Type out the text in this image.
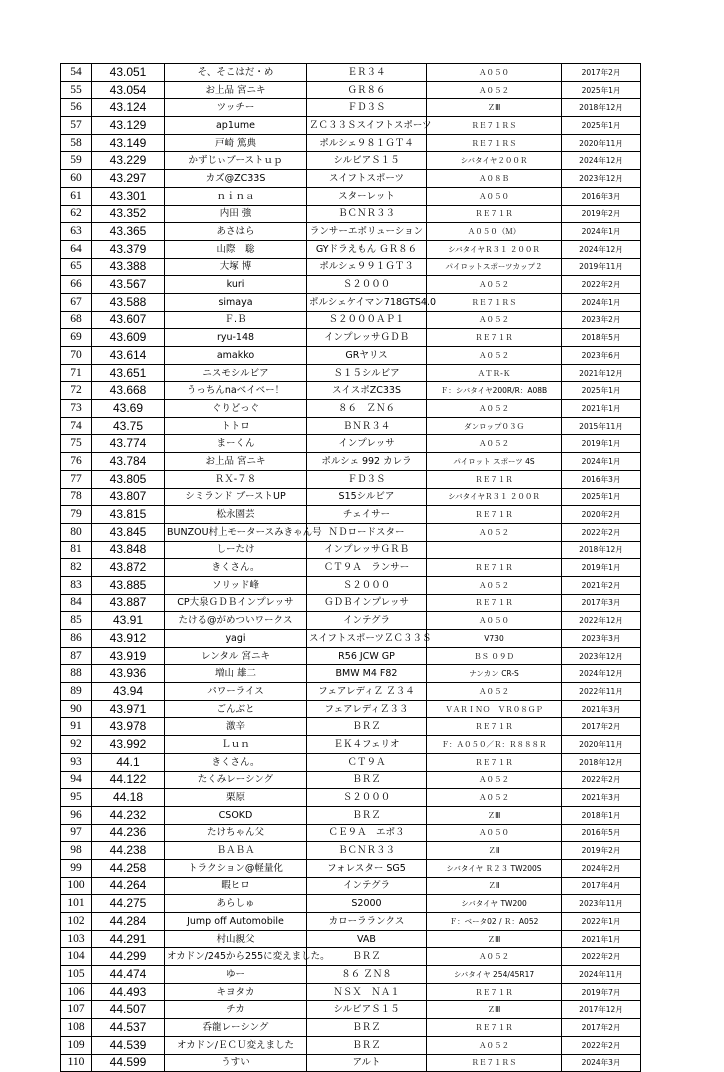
54	43.051	そ、そこはだ・め	ＥＲ３４	Ａ０５０	2017年2月
55	43.054	お上品 宮ニキ	ＧＲ８６	Ａ０５２	2025年1月
56	43.124	ツッチー	ＦＤ３Ｓ	ＺⅢ	2018年12月
57	43.129	ap1ume	ＺＣ３３Ｓスイフトスポーツ	ＲＥ７１ＲＳ	2025年1月
58	43.149	戸崎 篤典	ポルシェ９８１ＧＴ４	ＲＥ７１ＲＳ	2020年11月
59	43.229	かずじぃブーストｕｐ	シルビアＳ１５	シバタイヤ２００Ｒ	2024年12月
60	43.297	カズ@ZC33S	スイフトスポーツ	Ａ０８Ｂ	2023年12月
61	43.301	ｎｉｎａ	スターレット	Ａ０５０	2016年3月
62	43.352	内田 強	ＢＣＮＲ３３	ＲＥ７１Ｒ	2019年2月
63	43.365	あさはら	ランサーエボリューション	Ａ０５０（Ｍ）	2024年1月
64	43.379	山際　聡	GYドラえもん ＧＲ８６	シバタイヤＲ３１ ２００Ｒ	2024年12月
65	43.388	大塚 博	ポルシェ９９１ＧＴ３	パイロットスポーツカップ２	2019年11月
66	43.567	kuri	Ｓ２０００	Ａ０５２	2022年2月
67	43.588	simaya	ポルシェケイマン718GTS4.0	ＲＥ７１ＲＳ	2024年1月
68	43.607	Ｆ.Ｂ	Ｓ２０００ＡＰ１	Ａ０５２	2023年2月
69	43.609	ryu-148	インプレッサＧＤＢ	ＲＥ７１Ｒ	2018年5月
70	43.614	amakko	GRヤリス	Ａ０５２	2023年6月
71	43.651	ニスモシルビア	Ｓ１５シルビア	ＡＴＲ-Ｋ	2021年12月
72	43.668	うっちんnaベイベー！	スイスポZC33S	Ｆ：シバタイヤ200R/R：A08B	2025年1月
73	43.69	ぐりどっぐ	８６　ＺＮ６	Ａ０５２	2021年1月
74	43.75	トトロ	ＢＮＲ３４	ダンロップ０３Ｇ	2015年11月
75	43.774	まーくん	インプレッサ	Ａ０５２	2019年1月
76	43.784	お上品 宮ニキ	ポルシェ 992 カレラ	パイロット スポーツ 4S	2024年1月
77	43.805	ＲＸ-７８	ＦＤ３Ｓ	ＲＥ７１Ｒ	2016年3月
78	43.807	シミランド ブーストUP	S15シルビア	シバタイヤＲ３１ ２００Ｒ	2025年1月
79	43.815	松永園芸	チェイサー	ＲＥ７１Ｒ	2020年2月
80	43.845	BUNZOU村上モータースみきゃん号	ＮＤロードスター	Ａ０５２	2022年2月
81	43.848	しーたけ	インプレッサＧＲＢ		2018年12月
82	43.872	きくさん。	ＣＴ９Ａ　ランサー	ＲＥ７１Ｒ	2019年1月
83	43.885	ソリッド峰	Ｓ２０００	Ａ０５２	2021年2月
84	43.887	CP大泉ＧＤＢインプレッサ	ＧＤＢインプレッサ	ＲＥ７１Ｒ	2017年3月
85	43.91	たける@がめついワークス	インテグラ	Ａ０５０	2022年12月
86	43.912	yagi	スイフトスポーツＺＣ３３Ｓ	V730	2023年3月
87	43.919	レンタル 宮ニキ	R56 JCW GP	ＢＳ ０９Ｄ	2023年12月
88	43.936	増山 雄二	BMW M4 F82	ナンカン CR-S	2024年12月
89	43.94	パワーライス	フェアレディＺ Ｚ３４	Ａ０５２	2022年11月
90	43.971	ごんぶと	フェアレディＺ３３	ＶＡＲＩＮＯ　ＶＲ０８ＧＰ	2021年3月
91	43.978	激辛	ＢＲＺ	ＲＥ７１Ｒ	2017年2月
92	43.992	Ｌｕｎ	ＥＫ４フェリオ	Ｆ：Ａ０５０／Ｒ：Ｒ８８８Ｒ	2020年11月
93	44.1	きくさん。	ＣＴ９Ａ	ＲＥ７１Ｒ	2018年12月
94	44.122	たくみレーシング	ＢＲＺ	Ａ０５２	2022年2月
95	44.18	栗原	Ｓ２０００	Ａ０５２	2021年3月
96	44.232	CSOKD	ＢＲＺ	ＺⅢ	2018年1月
97	44.236	たけちゃん父	ＣＥ９Ａ　エボ３	Ａ０５０	2016年5月
98	44.238	ＢＡＢＡ	ＢＣＮＲ３３	ＺⅡ	2019年2月
99	44.258	トラクション@軽量化	フォレスター SG5	シバタイヤ Ｒ２３ TW200S	2024年2月
100	44.264	暇ヒロ	インテグラ	ＺⅡ	2017年4月
101	44.275	あらしゅ	S2000	シバタイヤ TW200	2023年11月
102	44.284	Jump off Automobile	カローラランクス	Ｆ：ベータ02 / Ｒ：A052	2022年1月
103	44.291	村山親父	VAB	ＺⅢ	2021年1月
104	44.299	オカドン/245から255に変えました。	ＢＲＺ	Ａ０５２	2022年2月
105	44.474	ゆー	８６ ＺＮ８	シバタイヤ 254/45R17	2024年11月
106	44.493	キヨタカ	ＮＳＸ　ＮＡ１	ＲＥ７１Ｒ	2019年7月
107	44.507	チカ	シルビアＳ１５	ＺⅢ	2017年12月
108	44.537	呑龍レーシング	ＢＲＺ	ＲＥ７１Ｒ	2017年2月
109	44.539	オカドン/ＥＣＵ変えました	ＢＲＺ	Ａ０５２	2022年2月
110	44.599	うすい	アルト	ＲＥ７１ＲＳ	2024年3月
